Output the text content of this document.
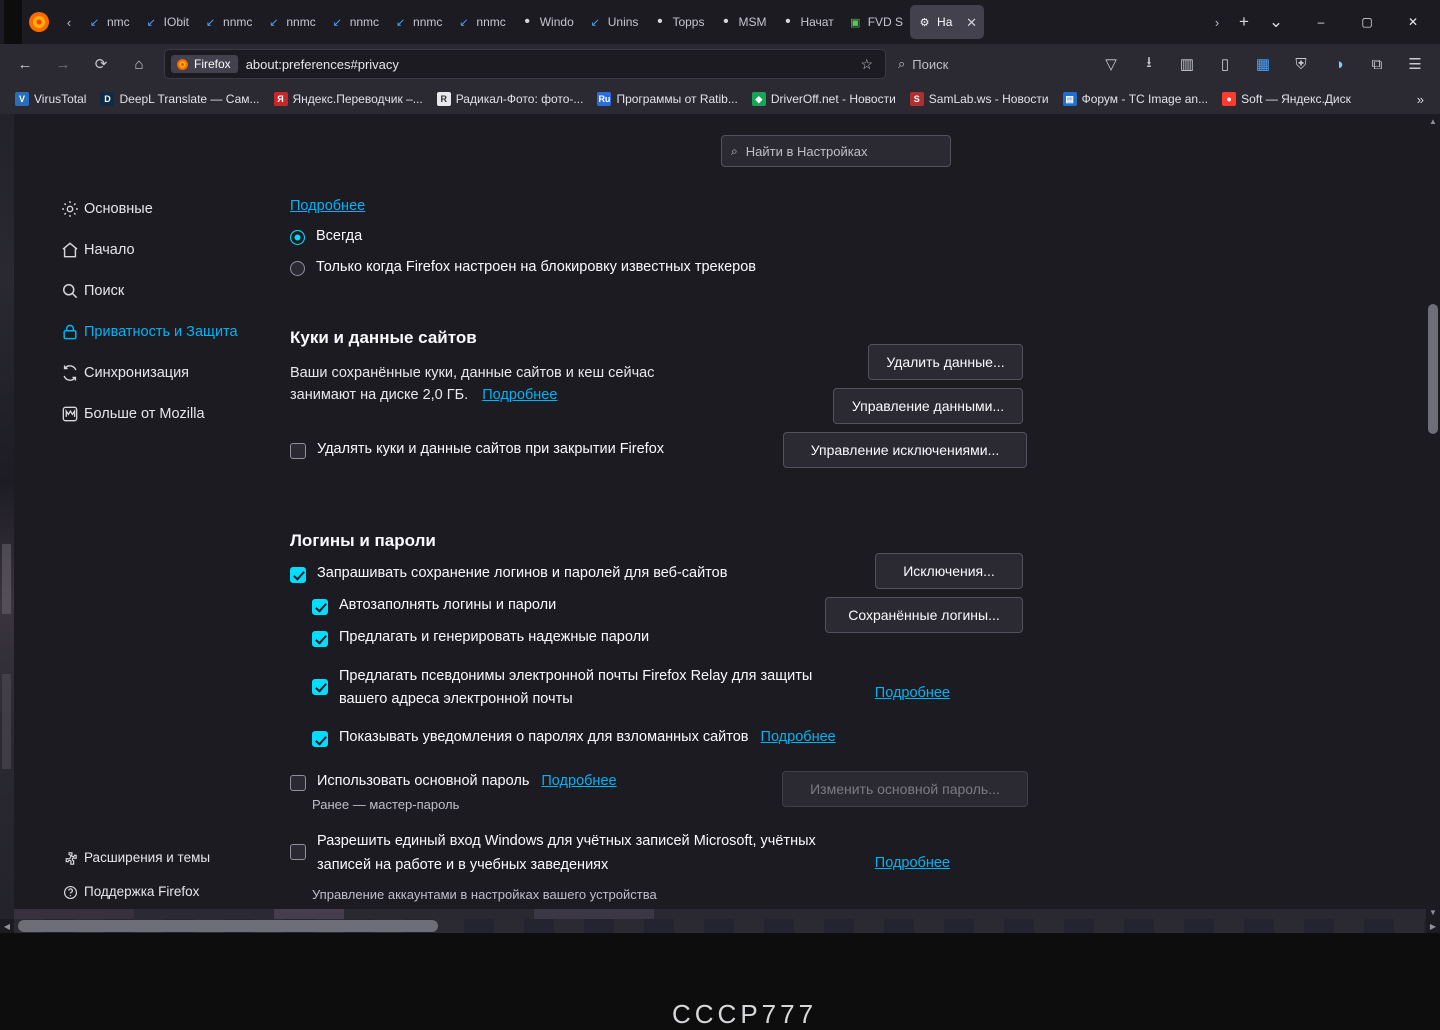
‹	↙ nmc ↙ IObit ↙ nnmc ↙ nnmc ↙ nnmc ↙ nnmc ↙ nnmc • Windo ↙ Unins • Topps • MSM • Начат ▣ FVD S ⚙ На	✕	›	+	⌄	–	▢	✕
←	→	⟳	⌂	Firefox about:preferences#privacy	☆	⌕ Поиск	▽	⭳	▥	▯	▦	⛨	◑	⧉	☰
V VirusTotal	D DeepL Translate — Сам...	Я Яндекс.Переводчик –...	R Радикал-Фото: фото-... Ru Программы от Ratib...	◆ DriverOff.net - Новости	S SamLab.ws - Новости	▤ Форум - TC Image an...	● Soft — Яндекс.Диск	»
⌕ Найти в Настройках
Основные
Начало
Поиск
Приватность и Защита
Синхронизация
Больше от Mozilla
Расширения и темы
Поддержка Firefox
Подробнее
Всегда
Только когда Firefox настроен на блокировку известных трекеров
Куки и данные сайтов
Ваши сохранённые куки, данные сайтов и кеш сейчас
занимают на диске 2,0 ГБ. Подробнее
Удалять куки и данные сайтов при закрытии Firefox
Удалить данные...
Управление данными...
Управление исключениями...
Логины и пароли
Запрашивать сохранение логинов и паролей для веб-сайтов
Автозаполнять логины и пароли
Предлагать и генерировать надежные пароли
Предлагать псевдонимы электронной почты Firefox Relay для защиты
вашего адреса электронной почты
Показывать уведомления о паролях для взломанных сайтов Подробнее
Использовать основной пароль Подробнее
Ранее — мастер-пароль
Разрешить единый вход Windows для учётных записей Microsoft, учётных
записей на работе и в учебных заведениях
Управление аккаунтами в настройках вашего устройства
Исключения...
Сохранённые логины...
Подробнее
Изменить основной пароль...
Подробнее
CCCP777
▲
▼
◀	▶
